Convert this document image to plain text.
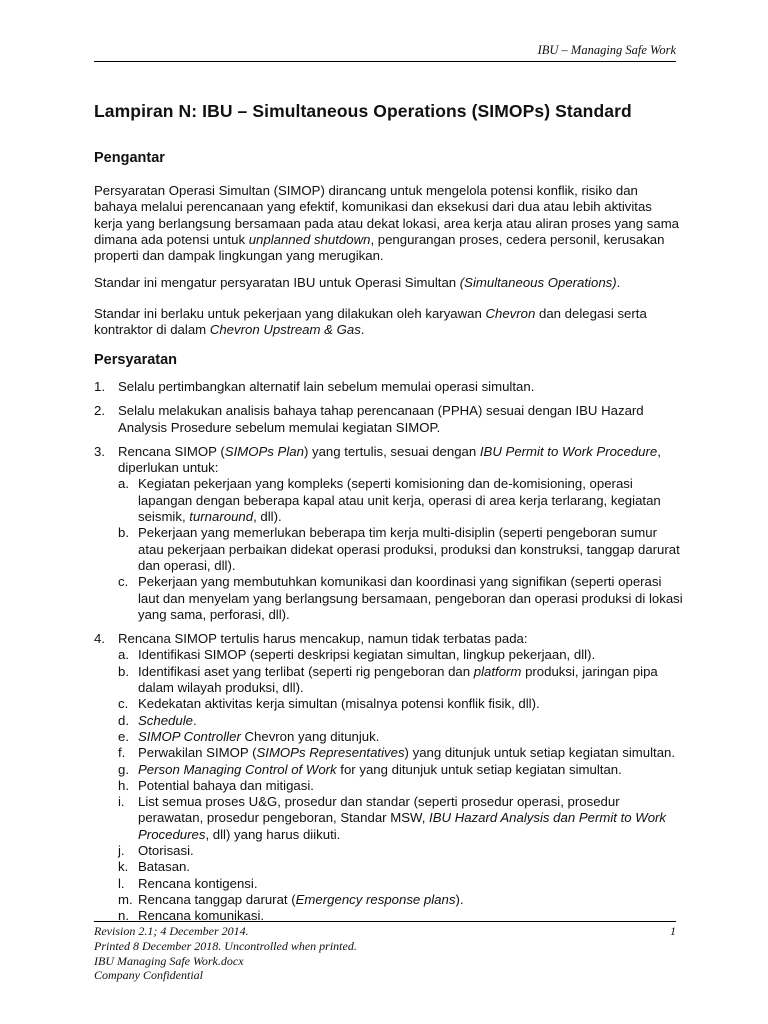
IBU – Managing Safe Work
Lampiran N: IBU – Simultaneous Operations (SIMOPs) Standard
Pengantar

Persyaratan Operasi Simultan (SIMOP) dirancang untuk mengelola potensi konflik, risiko dan bahaya melalui perencanaan yang efektif, komunikasi dan eksekusi dari dua atau lebih aktivitas kerja yang berlangsung bersamaan pada atau dekat lokasi, area kerja atau aliran proses yang sama dimana ada potensi untuk unplanned shutdown, pengurangan proses, cedera personil, kerusakan properti dan dampak lingkungan yang merugikan.

Standar ini mengatur persyaratan IBU untuk Operasi Simultan (Simultaneous Operations).

Standar ini berlaku untuk pekerjaan yang dilakukan oleh karyawan Chevron dan delegasi serta kontraktor di dalam Chevron Upstream & Gas.

Persyaratan
1. Selalu pertimbangkan alternatif lain sebelum memulai operasi simultan.
2. Selalu melakukan analisis bahaya tahap perencanaan (PPHA) sesuai dengan IBU Hazard Analysis Prosedure sebelum memulai kegiatan SIMOP.
3. Rencana SIMOP (SIMOPs Plan) yang tertulis, sesuai dengan IBU Permit to Work Procedure, diperlukan untuk:
a. Kegiatan pekerjaan yang kompleks (seperti komisioning dan de-komisioning, operasi lapangan dengan beberapa kapal atau unit kerja, operasi di area kerja terlarang, kegiatan seismik, turnaround, dll).
b. Pekerjaan yang memerlukan beberapa tim kerja multi-disiplin (seperti pengeboran sumur atau pekerjaan perbaikan didekat operasi produksi, produksi dan konstruksi, tanggap darurat dan operasi, dll).
c. Pekerjaan yang membutuhkan komunikasi dan koordinasi yang signifikan (seperti operasi laut dan menyelam yang berlangsung bersamaan, pengeboran dan operasi produksi di lokasi yang sama, perforasi, dll).
4. Rencana SIMOP tertulis harus mencakup, namun tidak terbatas pada:
a. Identifikasi SIMOP (seperti deskripsi kegiatan simultan, lingkup pekerjaan, dll).
b. Identifikasi aset yang terlibat (seperti rig pengeboran dan platform produksi, jaringan pipa dalam wilayah produksi, dll).
c. Kedekatan aktivitas kerja simultan (misalnya potensi konflik fisik, dll).
d. Schedule.
e. SIMOP Controller Chevron yang ditunjuk.
f. Perwakilan SIMOP (SIMOPs Representatives) yang ditunjuk untuk setiap kegiatan simultan.
g. Person Managing Control of Work for yang ditunjuk untuk setiap kegiatan simultan.
h. Potential bahaya dan mitigasi.
i. List semua proses U&G, prosedur dan standar (seperti prosedur operasi, prosedur perawatan, prosedur pengeboran, Standar MSW, IBU Hazard Analysis dan Permit to Work Procedures, dll) yang harus diikuti.
j. Otorisasi.
k. Batasan.
l. Rencana kontigensi.
m. Rencana tanggap darurat (Emergency response plans).
n. Rencana komunikasi.
Revision 2.1; 4 December 2014.
Printed 8 December 2018. Uncontrolled when printed.
IBU Managing Safe Work.docx
Company Confidential
1
